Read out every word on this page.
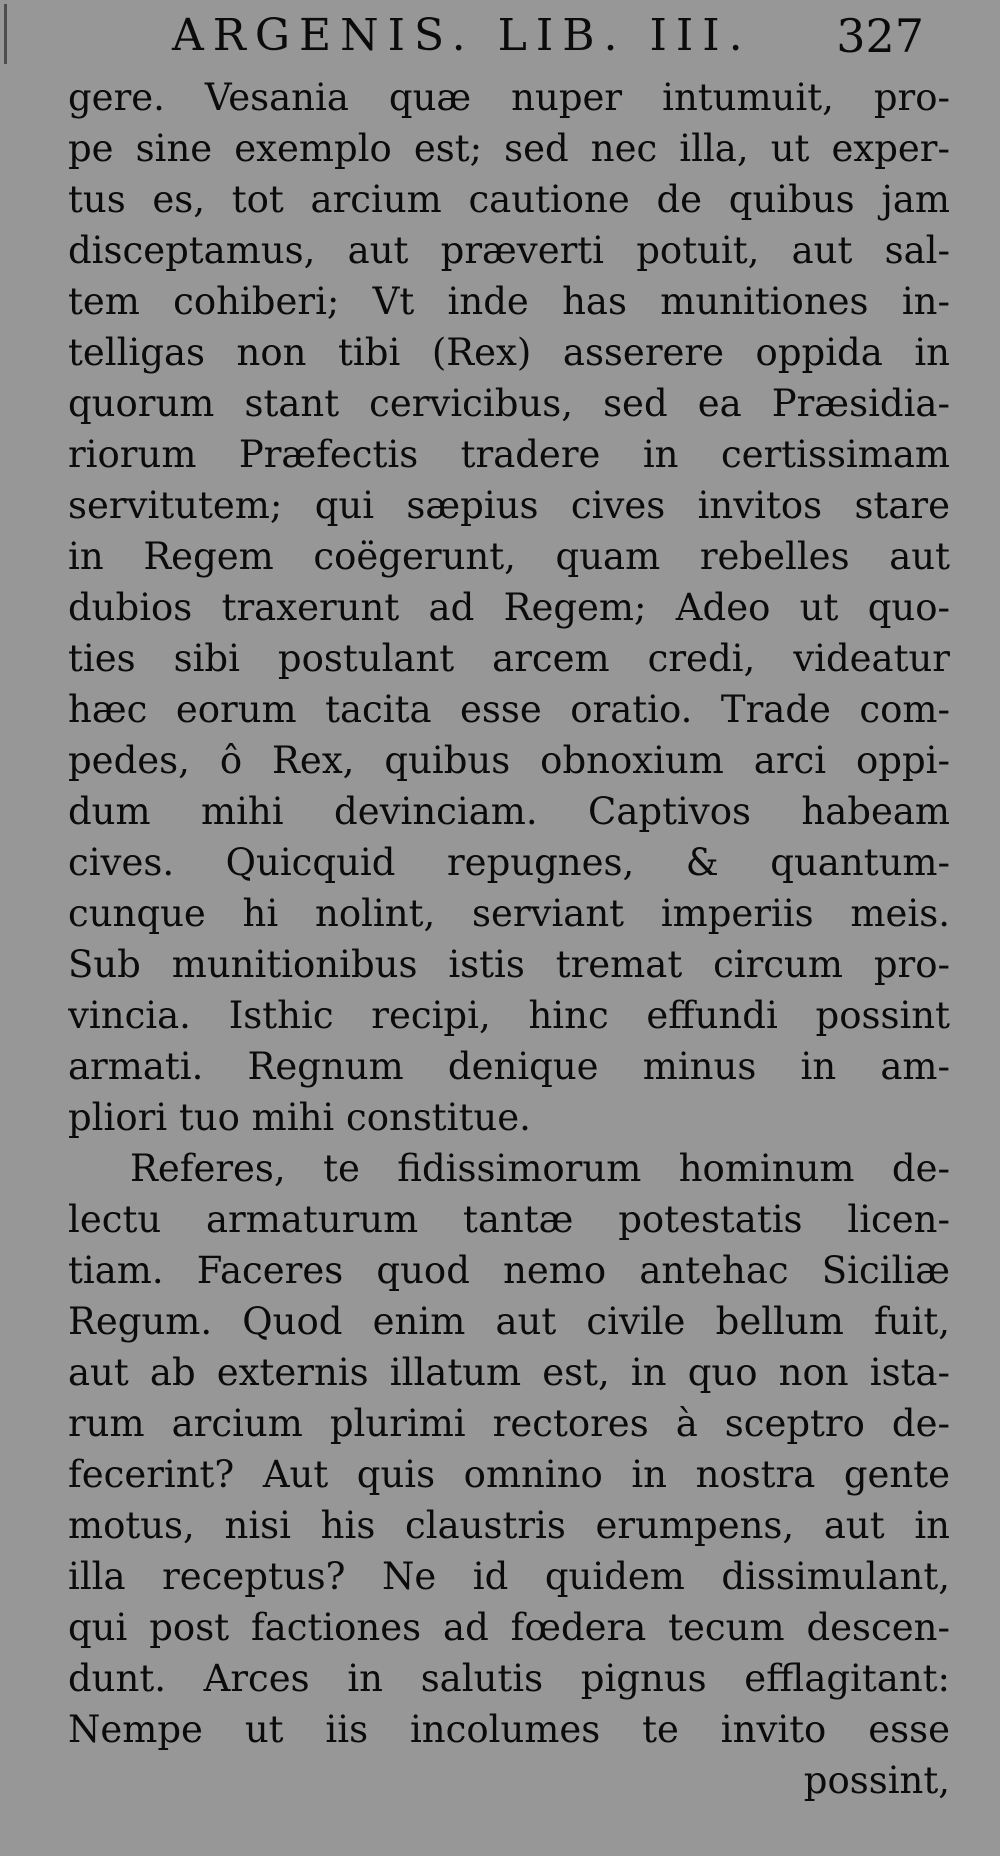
ARGENIS. LIB. III. 327
gere. Vesania quæ nuper intumuit, pro-
pe sine exemplo est; sed nec illa, ut exper-
tus es, tot arcium cautione de quibus jam
disceptamus, aut præverti potuit, aut sal-
tem cohiberi; Vt inde has munitiones in-
telligas non tibi (Rex) asserere oppida in
quorum stant cervicibus, sed ea Præsidia-
riorum Præfectis tradere in certissimam
servitutem; qui sæpius cives invitos stare
in Regem coëgerunt, quam rebelles aut
dubios traxerunt ad Regem; Adeo ut quo-
ties sibi postulant arcem credi, videatur
hæc eorum tacita esse oratio. Trade com-
pedes, ô Rex, quibus obnoxium arci oppi-
dum mihi devinciam. Captivos habeam
cives. Quicquid repugnes, & quantum-
cunque hi nolint, serviant imperiis meis.
Sub munitionibus istis tremat circum pro-
vincia. Isthic recipi, hinc effundi possint
armati. Regnum denique minus in am-
pliori tuo mihi constitue.
Referes, te fidissimorum hominum de-
lectu armaturum tantæ potestatis licen-
tiam. Faceres quod nemo antehac Siciliæ
Regum. Quod enim aut civile bellum fuit,
aut ab externis illatum est, in quo non ista-
rum arcium plurimi rectores à sceptro de-
fecerint? Aut quis omnino in nostra gente
motus, nisi his claustris erumpens, aut in
illa receptus? Ne id quidem dissimulant,
qui post factiones ad fœdera tecum descen-
dunt. Arces in salutis pignus efflagitant:
Nempe ut iis incolumes te invito esse
possint,
